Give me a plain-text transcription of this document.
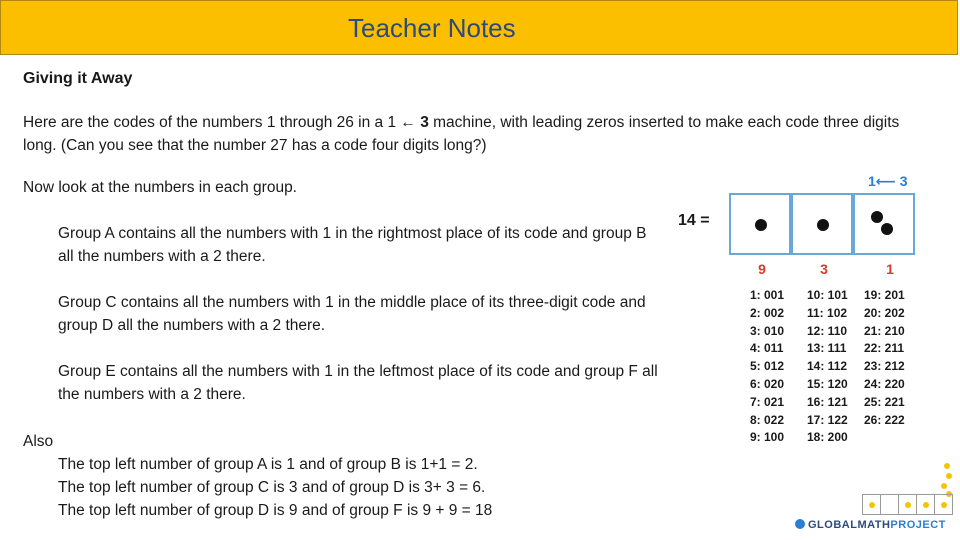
Teacher Notes
Giving it Away

Here are the codes of the numbers 1 through 26 in a 1 ← 3 machine, with leading zeros inserted to make each code three digits long. (Can you see that the number 27 has a code four digits long?)

Now look at the numbers in each group.

Group A contains all the numbers with 1 in the rightmost place of its code and group B all the numbers with a 2 there.

Group C contains all the numbers with 1 in the middle place of its three-digit code and group D all the numbers with a 2 there.

Group E contains all the numbers with 1 in the leftmost place of its code and group F all the numbers with a 2 there.

Also

The top left number of group A is 1 and of group B is 1+1 = 2.
The top left number of group C is 3 and of group D is 3+ 3 = 6.
The top left number of group D is 9 and of group F is 9 + 9 = 18
1⟵ 3
14 =
9	3	1
1: 001
2: 002
3: 010
4: 011
5: 012
6: 020
7: 021
8: 022
9: 100
10: 101
11: 102
12: 110
13: 111
14: 112
15: 120
16: 121
17: 122
18: 200
19: 201
20: 202
21: 210
22: 211
23: 212
24: 220
25: 221
26: 222
GLOBALMATHPROJECT
